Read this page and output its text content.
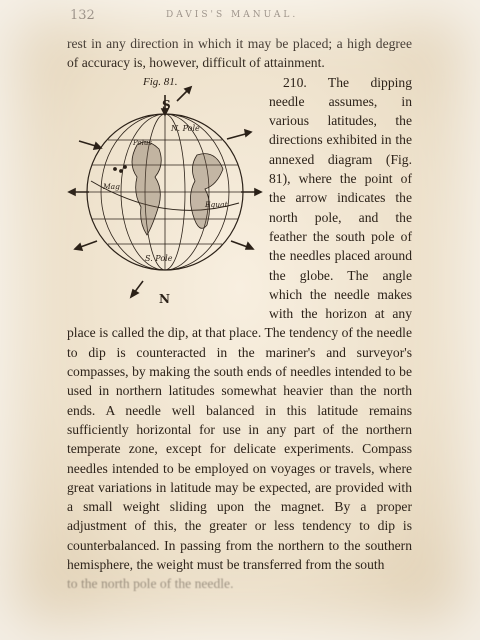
132	DAVIS'S MANUAL.

rest in any direction in which it may be placed; a high degree of accuracy is, however, difficult of attainment.

Fig. 81.
S
N
N. Pole
S. Pole
Equat
Mag
Polus

210. The dipping needle assumes, in various latitudes, the directions exhibited in the annexed diagram (Fig. 81), where the point of the arrow indicates the north pole, and the feather the south pole of the needles placed around the globe. The angle which the needle makes with the horizon at any place is called the dip, at that place. The tendency of the needle to dip is counteracted in the mariner's and surveyor's compasses, by making the south ends of needles intended to be used in northern latitudes somewhat heavier than the north ends. A needle well balanced in this latitude remains sufficiently horizontal for use in any part of the northern temperate zone, except for delicate experiments. Compass needles intended to be employed on voyages or travels, where great variations in latitude may be expected, are provided with a small weight sliding upon the magnet. By a proper adjustment of this, the greater or less tendency to dip is counterbalanced. In passing from the northern to the southern hemisphere, the weight must be transferred from the south

to the north pole of the needle.
